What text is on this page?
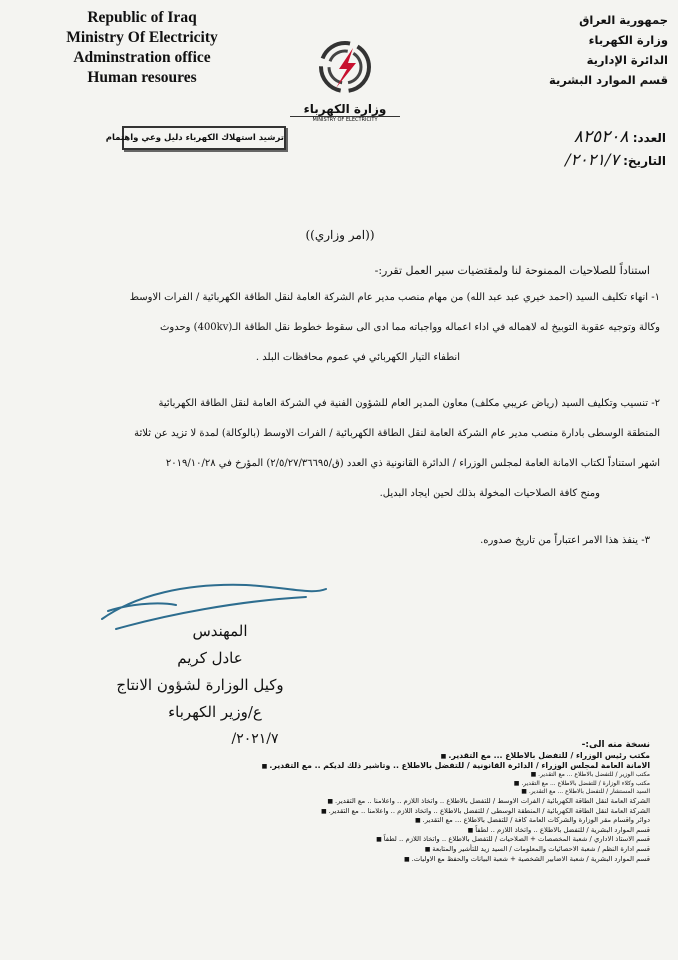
Republic of Iraq
Ministry Of Electricity
Adminstration office
Human resoures
جمهورية العراق
وزارة الكهرباء
الدائرة الإدارية
قسم الموارد البشرية
وزارة الكهرباء
MINISTRY OF ELECTRICITY
ترشيد استهلاك الكهرباء دليل وعي واهتمام	العدد: ٨٢٥٢٠٨
التاريخ: ٢٠٢١/٧/
((امر وزاري))
استناداً للصلاحيات الممنوحة لنا ولمقتضيات سير العمل تقرر:-
١- انهاء تكليف السيد (احمد خيري عبد عبد الله) من مهام منصب مدير عام الشركة العامة لنقل الطاقة الكهربائية / الفرات الاوسط
وكالة وتوجيه عقوبة التوبيخ له لاهماله في اداء اعماله وواجباته مما ادى الى سقوط خطوط نقل الطاقة الـ(400kv) وحدوث
انطفاء التيار الكهربائي في عموم محافظات البلد .
٢- تنسيب وتكليف السيد (رياض عريبي مكلف) معاون المدير العام للشؤون الفنية في الشركة العامة لنقل الطاقة الكهربائية
المنطقة الوسطى بادارة منصب مدير عام الشركة العامة لنقل الطاقة الكهربائية / الفرات الاوسط (بالوكالة) لمدة لا تزيد عن ثلاثة
اشهر استناداً لكتاب الامانة العامة لمجلس الوزراء / الدائرة القانونية ذي العدد (ق/٢/٥/٢٧/٣٦٦٩٥) المؤرخ في ٢٠١٩/١٠/٢٨
ومنح كافة الصلاحيات المخولة بذلك لحين ايجاد البديل.
٣- ينفذ هذا الامر اعتباراً من تاريخ صدوره.
المهندس
عادل كريم
وكيل الوزارة لشؤون الانتاج
ع/وزير الكهرباء
٢٠٢١/٧/	نسخة منه الى:-
مكتب رئيس الوزراء / للتفضل بالاطلاع ... مع التقدير. ■
الامانة العامة لمجلس الوزراء / الدائرة القانونية / للتفضل بالاطلاع .. وتاشير ذلك لديكم .. مع التقدير. ■
مكتب الوزير / للتفضل بالاطلاع ... مع التقدير. ■
مكتب وكلاء الوزارة / للتفضل بالاطلاع ... مع التقدير. ■
السيد المستشار / للتفضل بالاطلاع ... مع التقدير. ■
الشركة العامة لنقل الطاقة الكهربائية / الفرات الاوسط / للتفضل بالاطلاع .. واتخاذ اللازم .. واعلامنا .. مع التقدير. ■
الشركة العامة لنقل الطاقة الكهربائية / المنطقة الوسطى / للتفضل بالاطلاع .. واتخاذ اللازم .. واعلامنا .. مع التقدير. ■
دوائر واقسام مقر الوزارة والشركات العامة كافة / للتفضل بالاطلاع ... مع التقدير. ■
قسم الموارد البشرية / للتفضل بالاطلاع .. واتخاذ اللازم .. لطفاً ■
قسم الاستاذ الاداري / شعبة المخصصات + الصلاحيات / للتفضل بالاطلاع .. واتخاذ اللازم .. لطفاً ■
قسم ادارة النظم / شعبة الاحصائيات والمعلومات / السيد زيد للتأشير والمتابعة ■
قسم الموارد البشرية / شعبة الاضابير الشخصية + شعبة البيانات والحفظ مع الاوليات. ■
